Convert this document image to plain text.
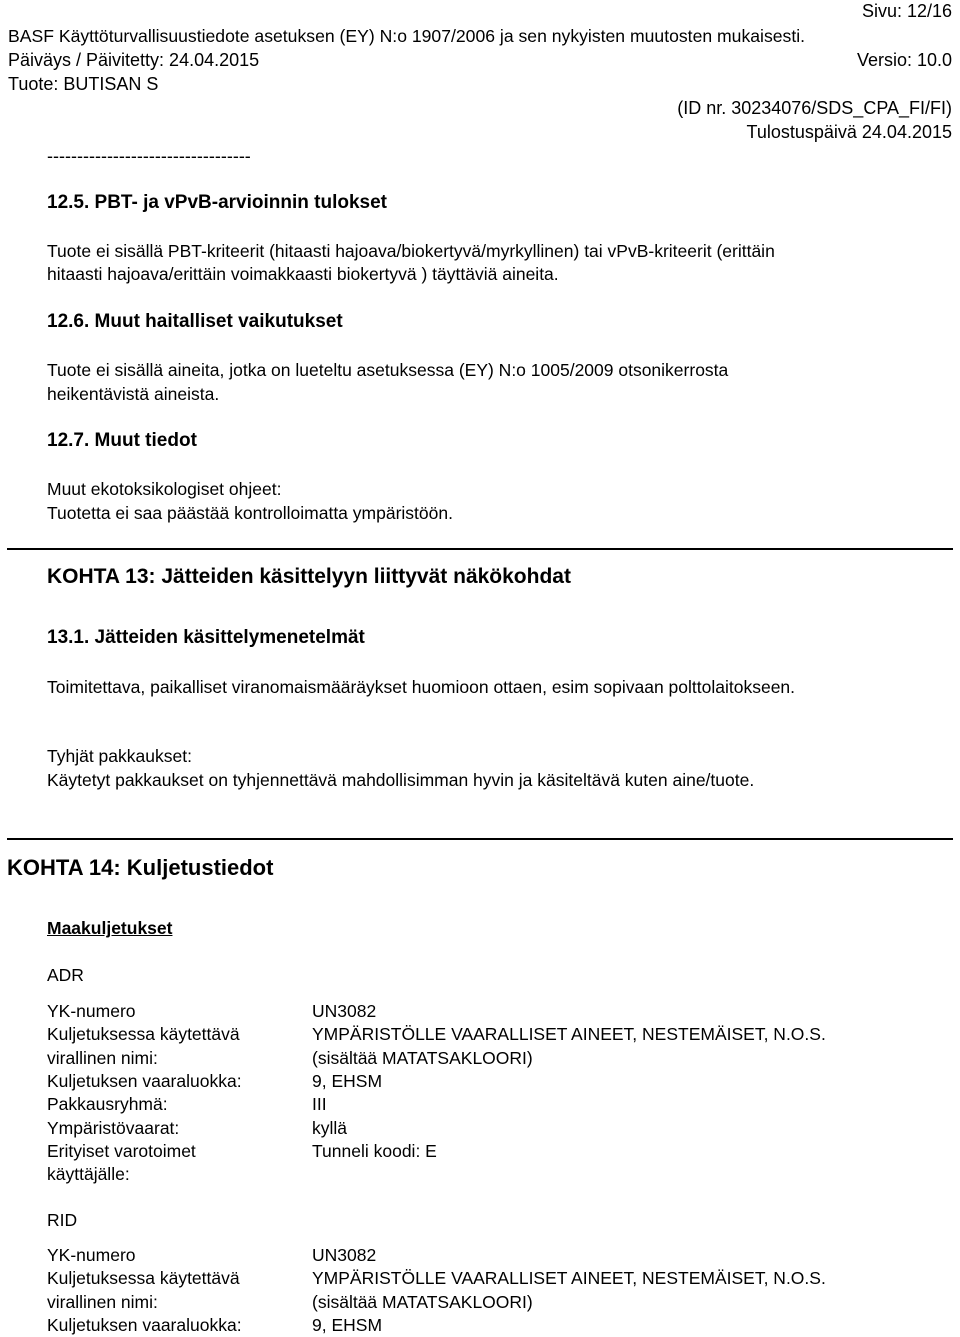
Sivu: 12/16
BASF Käyttöturvallisuustiedote asetuksen (EY) N:o 1907/2006 ja sen nykyisten muutosten mukaisesti.
Päiväys / Päivitetty: 24.04.2015	Versio: 10.0
Tuote: BUTISAN S
(ID nr. 30234076/SDS_CPA_FI/FI)
Tulostuspäivä 24.04.2015
----------------------------------
12.5. PBT- ja vPvB-arvioinnin tulokset
Tuote ei sisällä PBT-kriteerit (hitaasti hajoava/biokertyvä/myrkyllinen) tai vPvB-kriteerit (erittäin
hitaasti hajoava/erittäin voimakkaasti biokertyvä ) täyttäviä aineita.
12.6. Muut haitalliset vaikutukset
Tuote ei sisällä aineita, jotka on lueteltu asetuksessa (EY) N:o 1005/2009 otsonikerrosta
heikentävistä aineista.
12.7. Muut tiedot
Muut ekotoksikologiset ohjeet:
Tuotetta ei saa päästää kontrolloimatta ympäristöön.
KOHTA 13: Jätteiden käsittelyyn liittyvät näkökohdat
13.1. Jätteiden käsittelymenetelmät
Toimitettava, paikalliset viranomaismääräykset huomioon ottaen, esim sopivaan polttolaitokseen.
Tyhjät pakkaukset:
Käytetyt pakkaukset on tyhjennettävä mahdollisimman hyvin ja käsiteltävä kuten aine/tuote.
KOHTA 14: Kuljetustiedot
Maakuljetukset
ADR
YK-numero	UN3082
Kuljetuksessa käytettävä	YMPÄRISTÖLLE VAARALLISET AINEET, NESTEMÄISET, N.O.S.
virallinen nimi:	(sisältää MATATSAKLOORI)
Kuljetuksen vaaraluokka:	9, EHSM
Pakkausryhmä:	III
Ympäristövaarat:	kyllä
Erityiset varotoimet	Tunneli koodi: E
käyttäjälle:
RID
YK-numero	UN3082
Kuljetuksessa käytettävä	YMPÄRISTÖLLE VAARALLISET AINEET, NESTEMÄISET, N.O.S.
virallinen nimi:	(sisältää MATATSAKLOORI)
Kuljetuksen vaaraluokka:	9, EHSM
